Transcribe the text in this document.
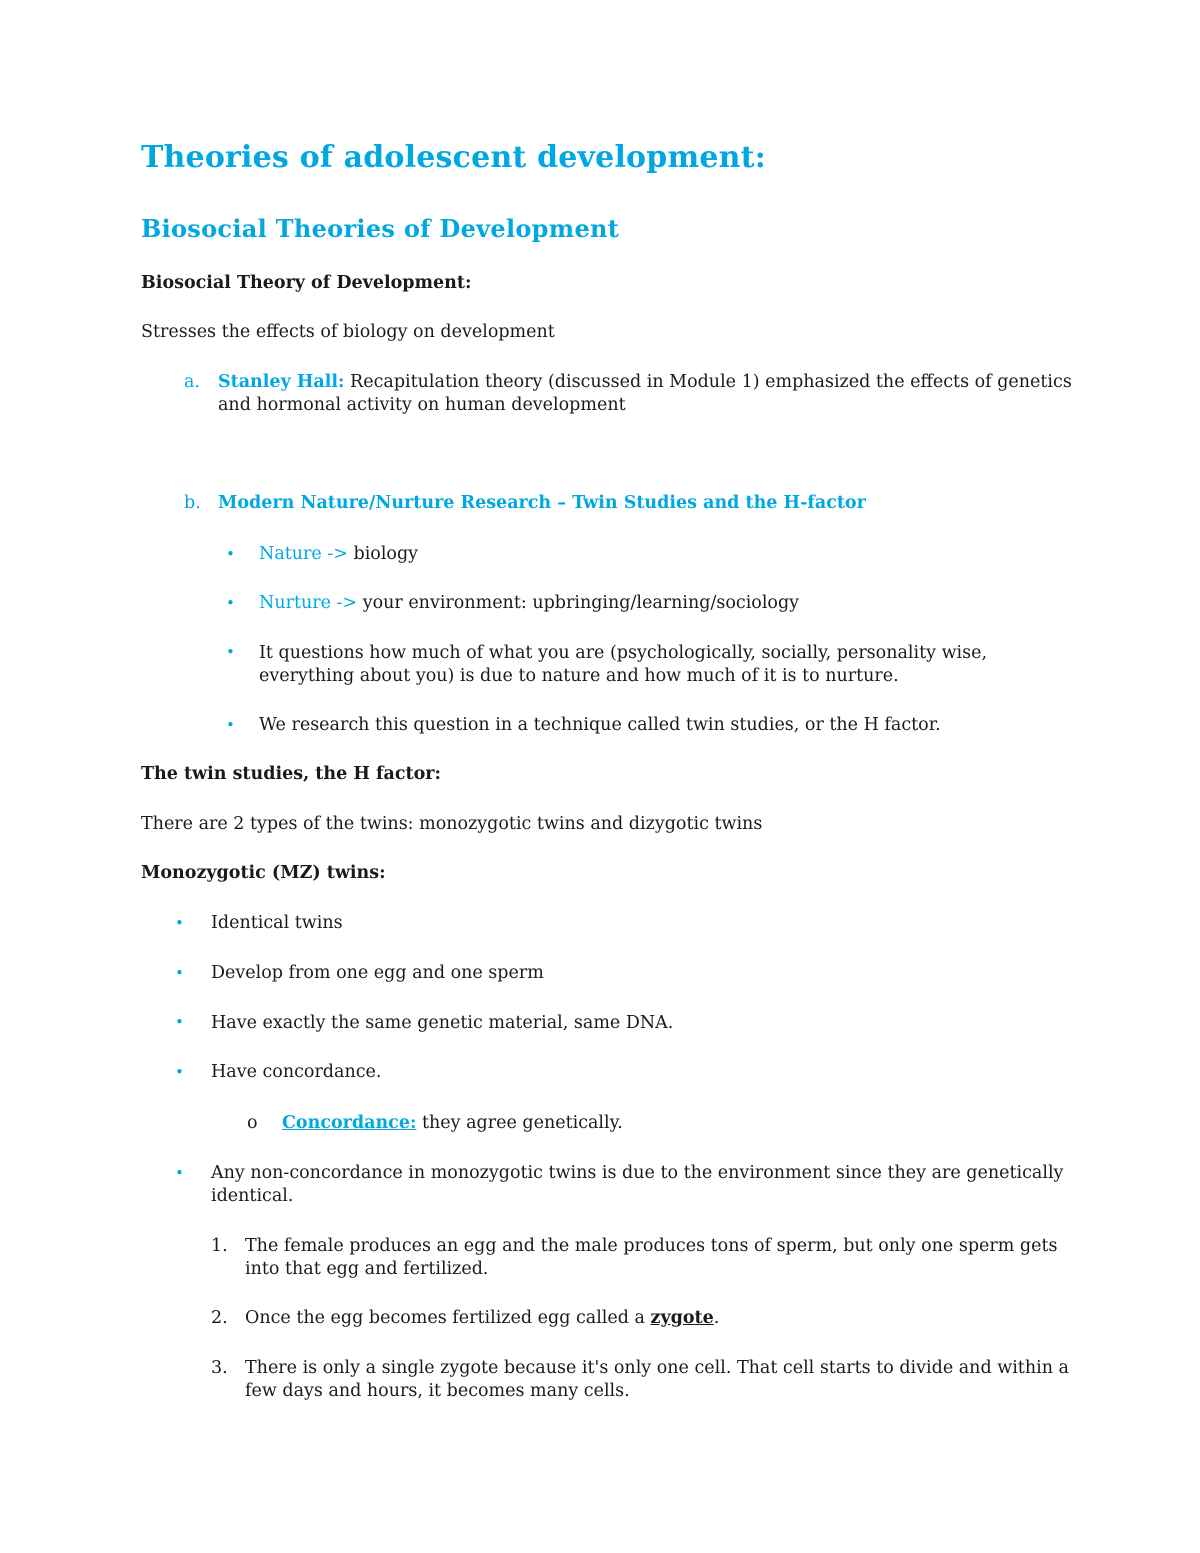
Theories of adolescent development:
Biosocial Theories of Development
Biosocial Theory of Development:
Stresses the effects of biology on development
a. Stanley Hall: Recapitulation theory (discussed in Module 1) emphasized the effects of genetics
and hormonal activity on human development
b. Modern Nature/Nurture Research – Twin Studies and the H-factor
• Nature -> biology
• Nurture -> your environment: upbringing/learning/sociology
• It questions how much of what you are (psychologically, socially, personality wise,
everything about you) is due to nature and how much of it is to nurture.
• We research this question in a technique called twin studies, or the H factor.
The twin studies, the H factor:
There are 2 types of the twins: monozygotic twins and dizygotic twins
Monozygotic (MZ) twins:
• Identical twins
• Develop from one egg and one sperm
• Have exactly the same genetic material, same DNA.
• Have concordance.
o Concordance: they agree genetically.
• Any non-concordance in monozygotic twins is due to the environment since they are genetically
identical.
1. The female produces an egg and the male produces tons of sperm, but only one sperm gets
into that egg and fertilized.
2. Once the egg becomes fertilized egg called a zygote.
3. There is only a single zygote because it's only one cell. That cell starts to divide and within a
few days and hours, it becomes many cells.
